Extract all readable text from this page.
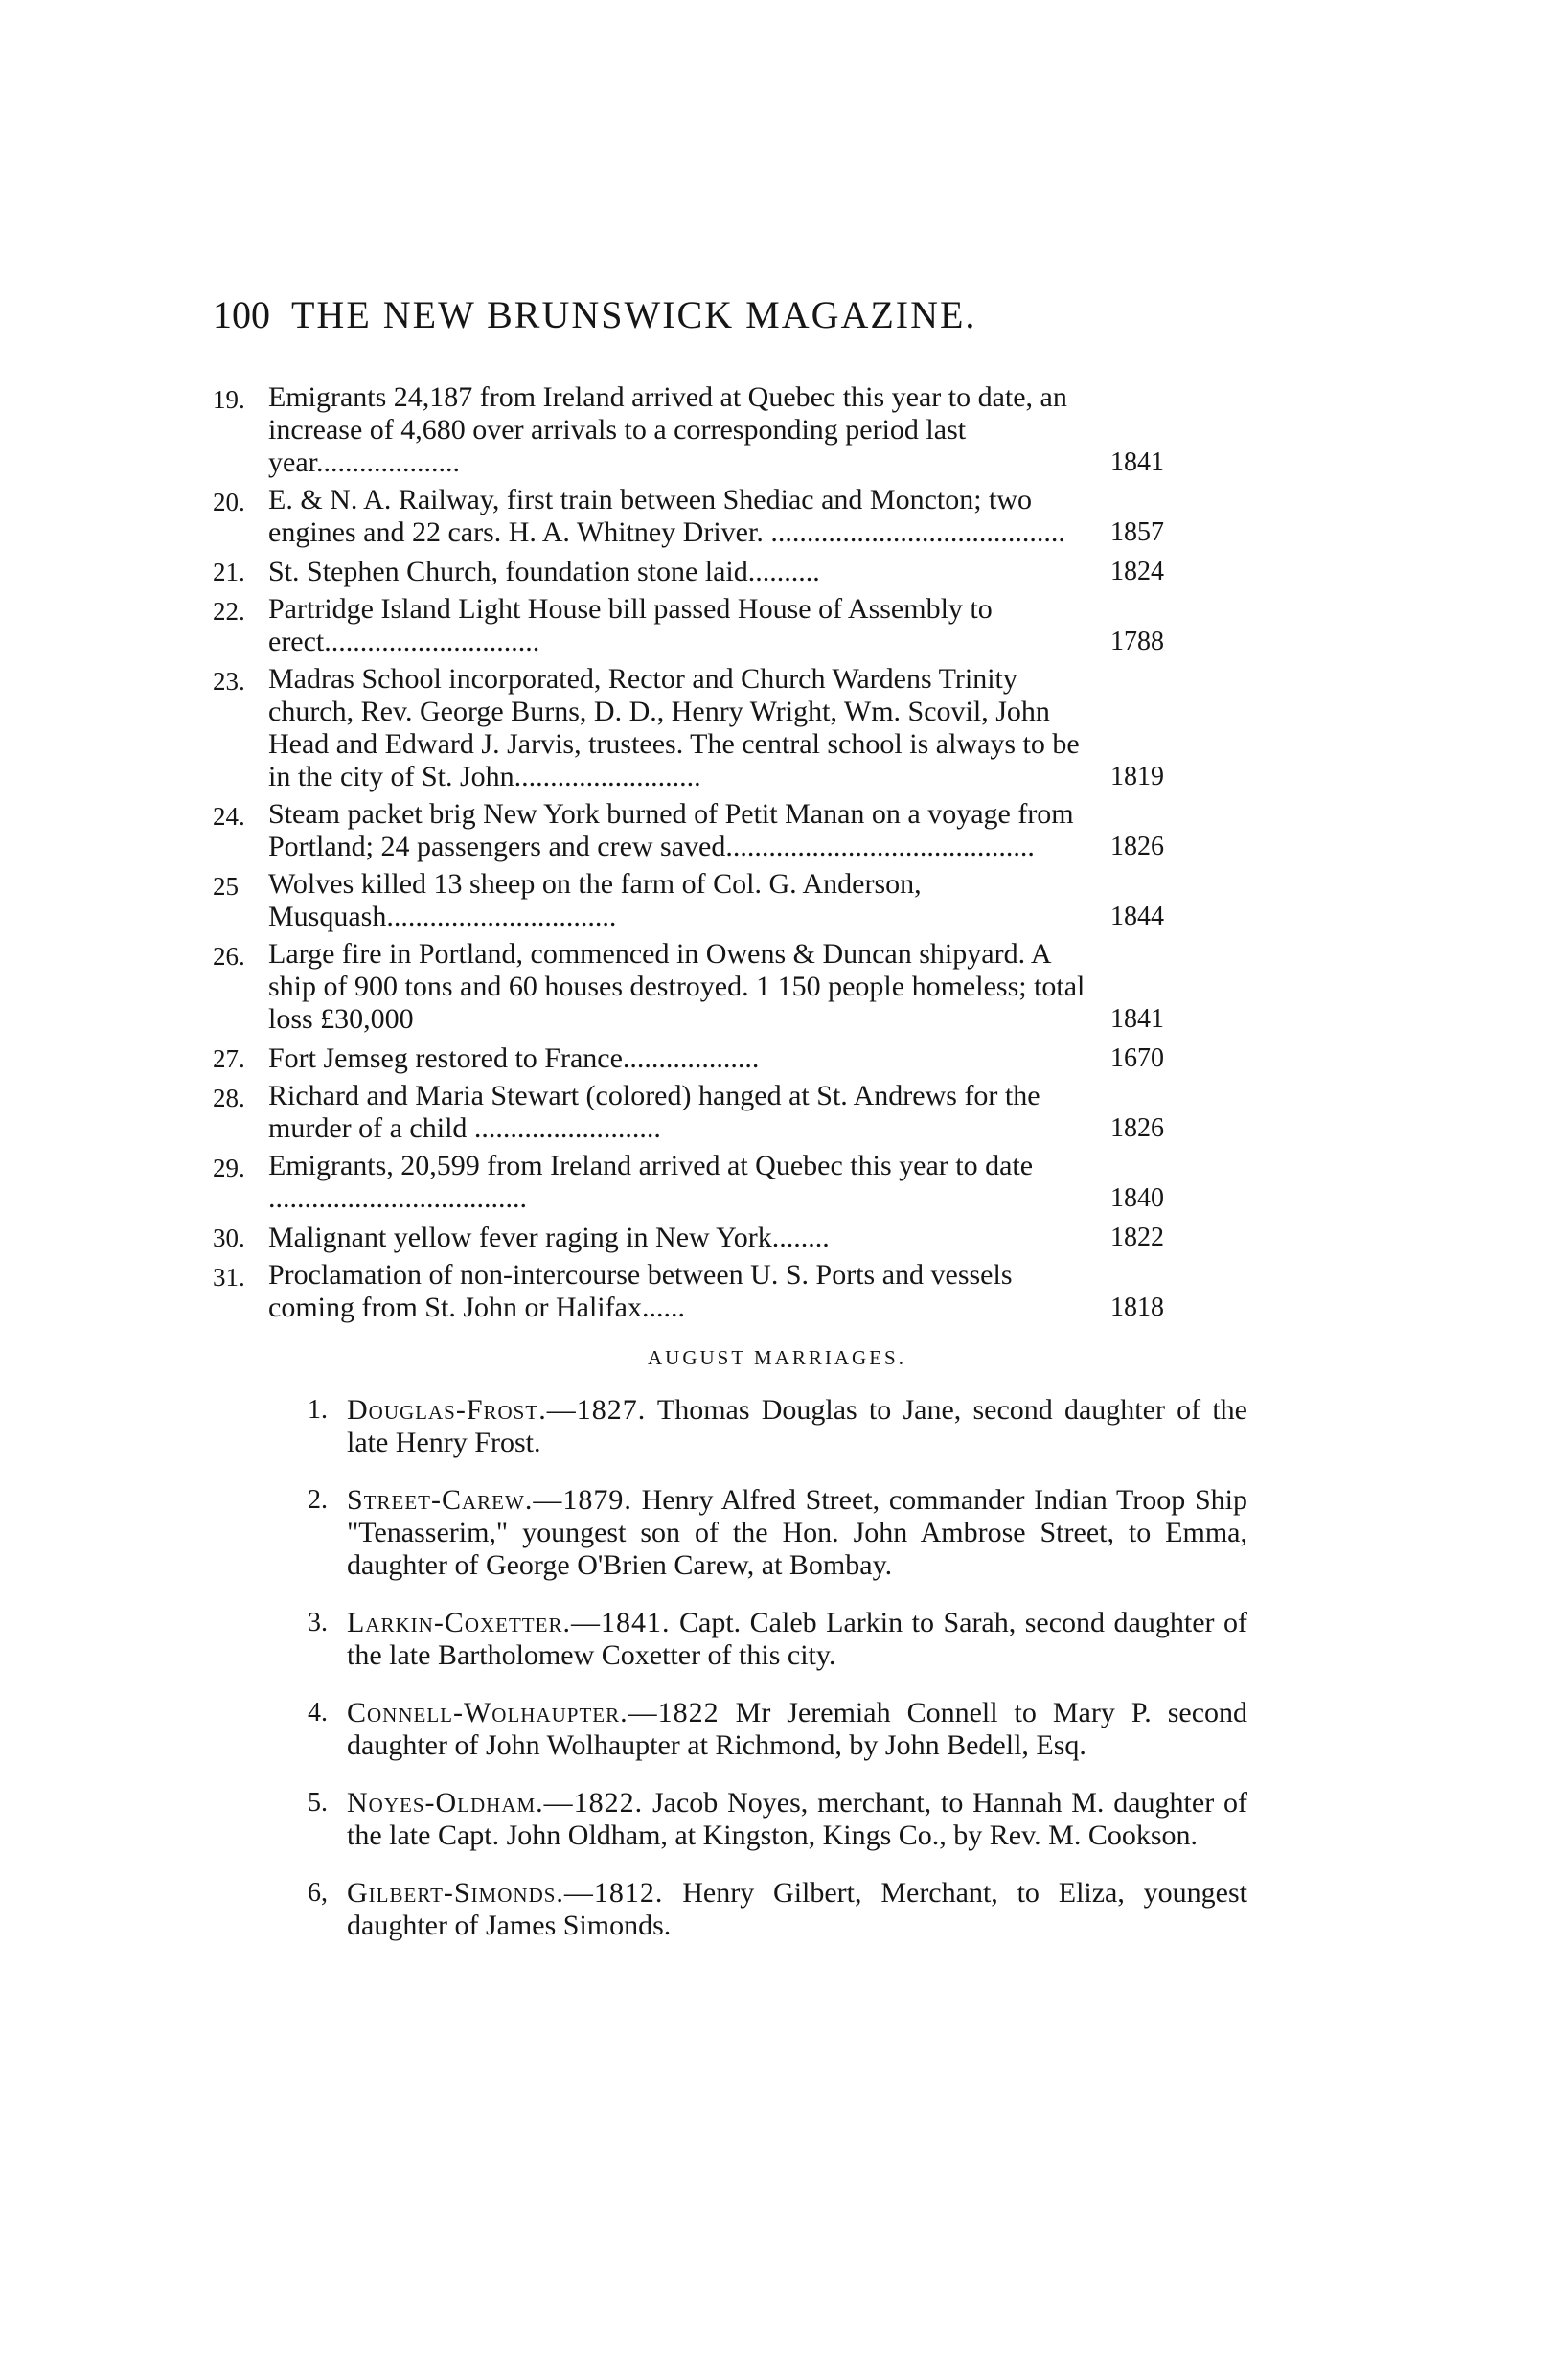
100 THE NEW BRUNSWICK MAGAZINE.
19. Emigrants 24,187 from Ireland arrived at Quebec this year to date, an increase of 4,680 over arrivals to a corresponding period last year....................	1841
20. E. & N. A. Railway, first train between Shediac and Moncton; two engines and 22 cars. H. A. Whitney Driver. .........................................	1857
21. St. Stephen Church, foundation stone laid..........	1824
22. Partridge Island Light House bill passed House of Assembly to erect..............................	1788
23. Madras School incorporated, Rector and Church Wardens Trinity church, Rev. George Burns, D. D., Henry Wright, Wm. Scovil, John Head and Edward J. Jarvis, trustees. The central school is always to be in the city of St. John..........................	1819
24. Steam packet brig New York burned of Petit Manan on a voyage from Portland; 24 passengers and crew saved...........................................	1826
25	Wolves killed 13 sheep on the farm of Col. G. Anderson, Musquash................................	1844
26. Large fire in Portland, commenced in Owens & Duncan shipyard. A ship of 900 tons and 60 houses destroyed. 1 150 people homeless; total loss £30,000	1841
27. Fort Jemseg restored to France...................	1670
28. Richard and Maria Stewart (colored) hanged at St. Andrews for the murder of a child ..........................	1826
29. Emigrants, 20,599 from Ireland arrived at Quebec this year to date ....................................	1840
30. Malignant yellow fever raging in New York........	1822
31. Proclamation of non-intercourse between U. S. Ports and vessels coming from St. John or Halifax......	1818
AUGUST MARRIAGES.
1. Douglas-Frost.—1827. Thomas Douglas to Jane, second daughter of the late Henry Frost.
2. Street-Carew.—1879. Henry Alfred Street, commander Indian Troop Ship "Tenasserim," youngest son of the Hon. John Ambrose Street, to Emma, daughter of George O'Brien Carew, at Bombay.
3. Larkin-Coxetter.—1841. Capt. Caleb Larkin to Sarah, second daughter of the late Bartholomew Coxetter of this city.
4. Connell-Wolhaupter.—1822 Mr Jeremiah Connell to Mary P. second daughter of John Wolhaupter at Richmond, by John Bedell, Esq.
5. Noyes-Oldham.—1822. Jacob Noyes, merchant, to Hannah M. daughter of the late Capt. John Oldham, at Kingston, Kings Co., by Rev. M. Cookson.
6, Gilbert-Simonds.—1812. Henry Gilbert, Merchant, to Eliza, youngest daughter of James Simonds.
